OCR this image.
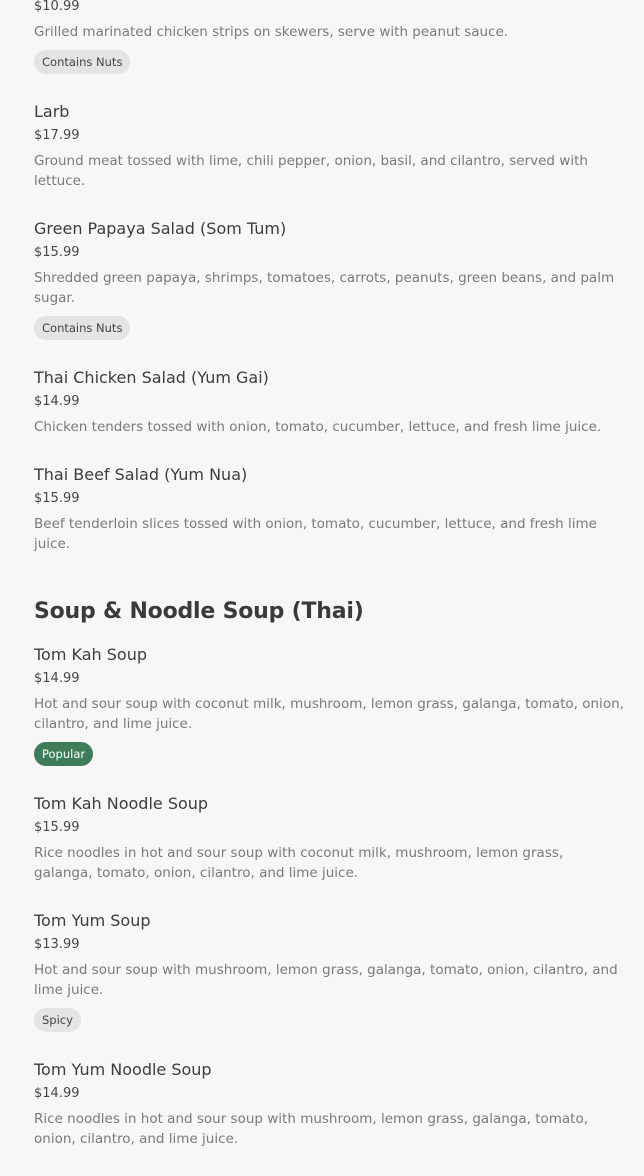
$10.99

Grilled marinated chicken strips on skewers, serve with peanut sauce.

Contains Nuts
Larb
$17.99

Ground meat tossed with lime, chili pepper, onion, basil, and cilantro, served with lettuce.

Green Papaya Salad (Som Tum)
$15.99

Shredded green papaya, shrimps, tomatoes, carrots, peanuts, green beans, and palm sugar.

Contains Nuts
Thai Chicken Salad (Yum Gai)
$14.99

Chicken tenders tossed with onion, tomato, cucumber, lettuce, and fresh lime juice.

Thai Beef Salad (Yum Nua)
$15.99

Beef tenderloin slices tossed with onion, tomato, cucumber, lettuce, and fresh lime juice.

Soup & Noodle Soup (Thai)
Tom Kah Soup
$14.99

Hot and sour soup with coconut milk, mushroom, lemon grass, galanga, tomato, onion, cilantro, and lime juice.

Popular
Tom Kah Noodle Soup
$15.99

Rice noodles in hot and sour soup with coconut milk, mushroom, lemon grass, galanga, tomato, onion, cilantro, and lime juice.

Tom Yum Soup
$13.99

Hot and sour soup with mushroom, lemon grass, galanga, tomato, onion, cilantro, and lime juice.

Spicy
Tom Yum Noodle Soup
$14.99

Rice noodles in hot and sour soup with mushroom, lemon grass, galanga, tomato, onion, cilantro, and lime juice.
